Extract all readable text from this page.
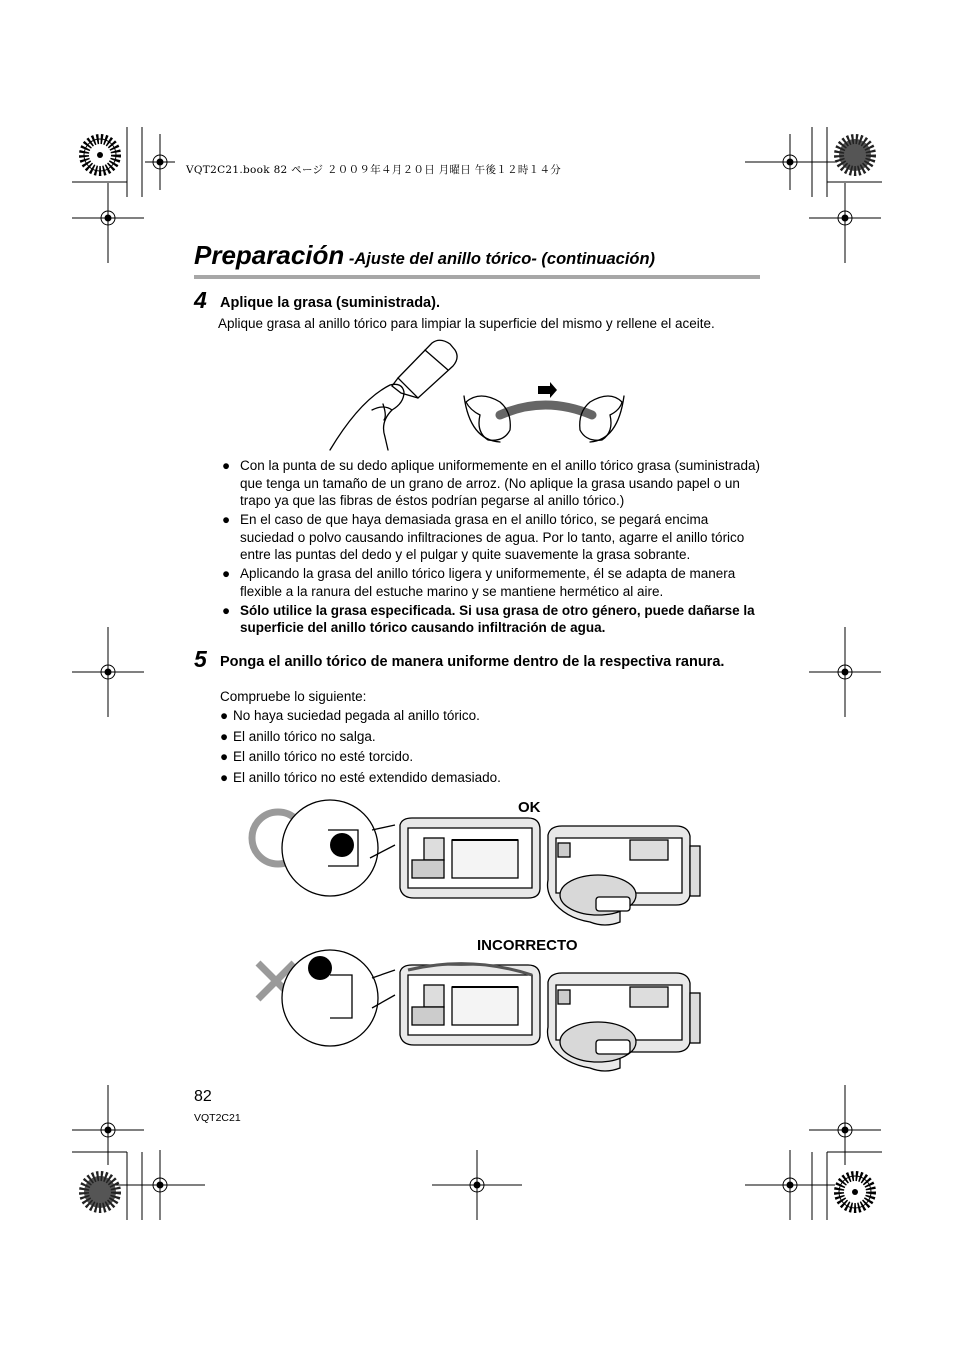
VQT2C21.book 82 ページ ２００９年４月２０日 月曜日 午後１２時１４分
Preparación -Ajuste del anillo tórico- (continuación)
4 Aplique la grasa (suministrada).
Aplique grasa al anillo tórico para limpiar la superficie del mismo y rellene el aceite.
● Con la punta de su dedo aplique uniformemente en el anillo tórico grasa (suministrada) que tenga un tamaño de un grano de arroz. (No aplique la grasa usando papel o un trapo ya que las fibras de éstos podrían pegarse al anillo tórico.)
● En el caso de que haya demasiada grasa en el anillo tórico, se pegará encima suciedad o polvo causando infiltraciones de agua. Por lo tanto, agarre el anillo tórico entre las puntas del dedo y el pulgar y quite suavemente la grasa sobrante.
● Aplicando la grasa del anillo tórico ligera y uniformemente, él se adapta de manera flexible a la ranura del estuche marino y se mantiene hermético al aire.
● Sólo utilice la grasa especificada. Si usa grasa de otro género, puede dañarse la superficie del anillo tórico causando infiltración de agua.
5 Ponga el anillo tórico de manera uniforme dentro de la respectiva ranura.
Compruebe lo siguiente:
● No haya suciedad pegada al anillo tórico.
● El anillo tórico no salga.
● El anillo tórico no esté torcido.
● El anillo tórico no esté extendido demasiado.
OK
INCORRECTO
82
VQT2C21
